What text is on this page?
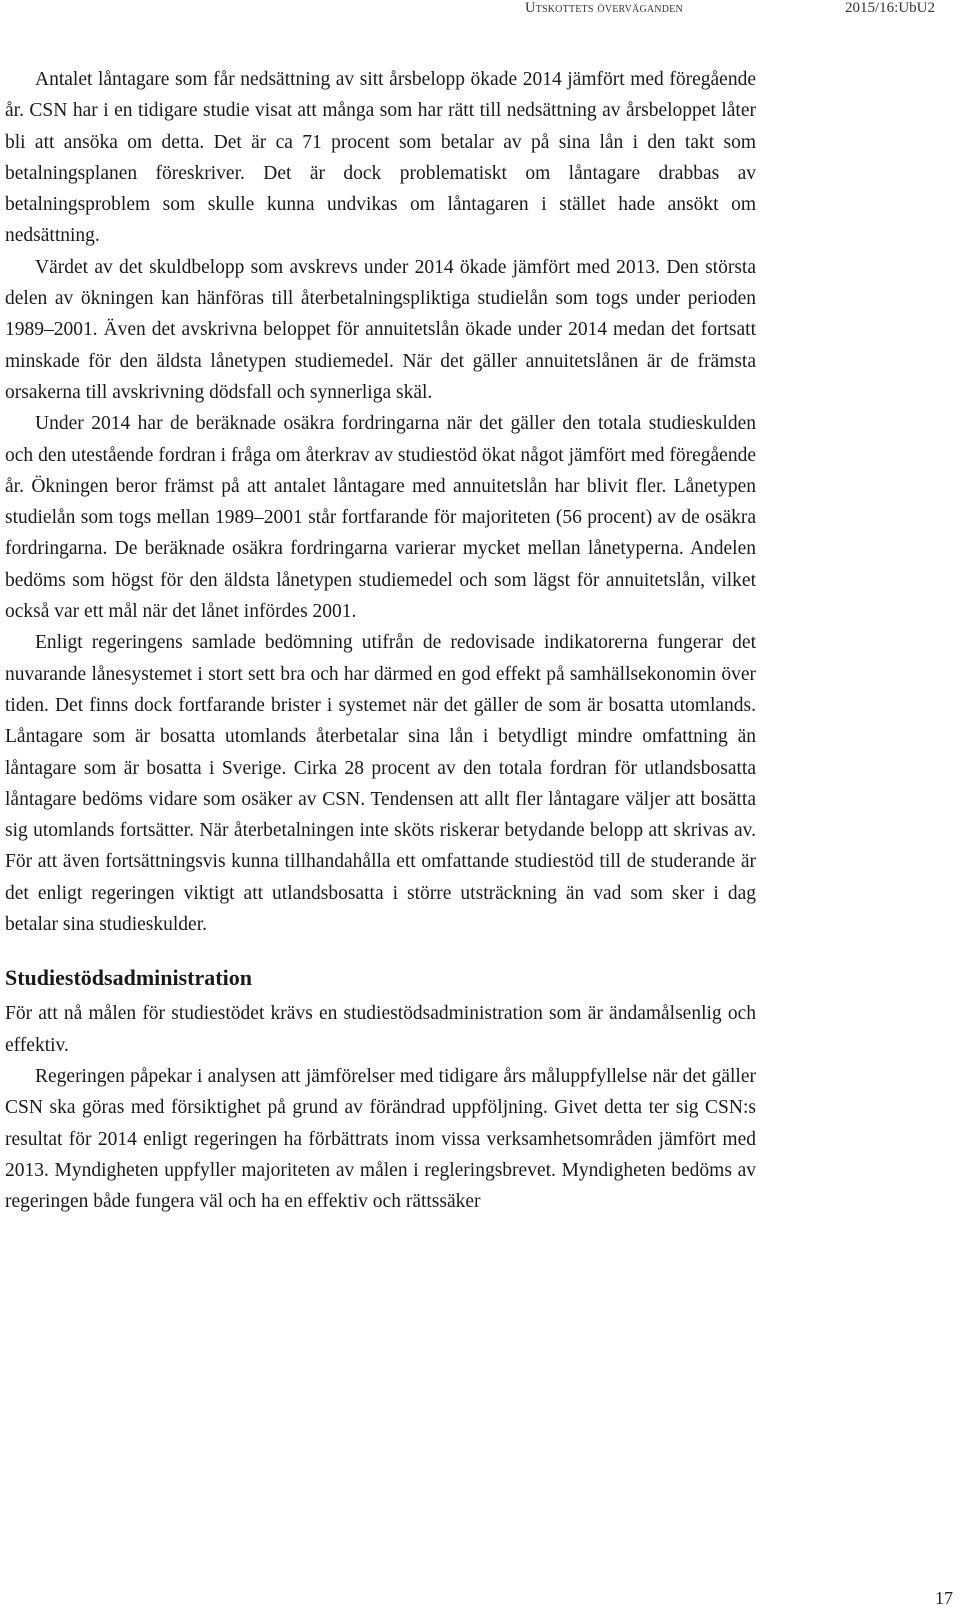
Utskottets överväganden	2015/16:UbU2

Antalet låntagare som får nedsättning av sitt årsbelopp ökade 2014 jämfört med föregående år. CSN har i en tidigare studie visat att många som har rätt till nedsättning av årsbeloppet låter bli att ansöka om detta. Det är ca 71 procent som betalar av på sina lån i den takt som betalningsplanen föreskriver. Det är dock problematiskt om låntagare drabbas av betalningsproblem som skulle kunna undvikas om låntagaren i stället hade ansökt om nedsättning.

Värdet av det skuldbelopp som avskrevs under 2014 ökade jämfört med 2013. Den största delen av ökningen kan hänföras till återbetalningspliktiga studielån som togs under perioden 1989–2001. Även det avskrivna beloppet för annuitetslån ökade under 2014 medan det fortsatt minskade för den äldsta lånetypen studiemedel. När det gäller annuitetslånen är de främsta orsakerna till avskrivning dödsfall och synnerliga skäl.

Under 2014 har de beräknade osäkra fordringarna när det gäller den totala studieskulden och den utestående fordran i fråga om återkrav av studiestöd ökat något jämfört med föregående år. Ökningen beror främst på att antalet låntagare med annuitetslån har blivit fler. Lånetypen studielån som togs mellan 1989–2001 står fortfarande för majoriteten (56 procent) av de osäkra fordringarna. De beräknade osäkra fordringarna varierar mycket mellan lånetyperna. Andelen bedöms som högst för den äldsta lånetypen studiemedel och som lägst för annuitetslån, vilket också var ett mål när det lånet infördes 2001.

Enligt regeringens samlade bedömning utifrån de redovisade indikatorerna fungerar det nuvarande lånesystemet i stort sett bra och har därmed en god effekt på samhällsekonomin över tiden. Det finns dock fortfarande brister i systemet när det gäller de som är bosatta utomlands. Låntagare som är bosatta utomlands återbetalar sina lån i betydligt mindre omfattning än låntagare som är bosatta i Sverige. Cirka 28 procent av den totala fordran för utlandsbosatta låntagare bedöms vidare som osäker av CSN. Tendensen att allt fler låntagare väljer att bosätta sig utomlands fortsätter. När återbetalningen inte sköts riskerar betydande belopp att skrivas av. För att även fortsättningsvis kunna tillhandahålla ett omfattande studiestöd till de studerande är det enligt regeringen viktigt att utlandsbosatta i större utsträckning än vad som sker i dag betalar sina studieskulder.

Studiestödsadministration

För att nå målen för studiestödet krävs en studiestödsadministration som är ändamålsenlig och effektiv.

Regeringen påpekar i analysen att jämförelser med tidigare års måluppfyllelse när det gäller CSN ska göras med försiktighet på grund av förändrad uppföljning. Givet detta ter sig CSN:s resultat för 2014 enligt regeringen ha förbättrats inom vissa verksamhetsområden jämfört med 2013. Myndigheten uppfyller majoriteten av målen i regleringsbrevet. Myndigheten bedöms av regeringen både fungera väl och ha en effektiv och rättssäker

17
